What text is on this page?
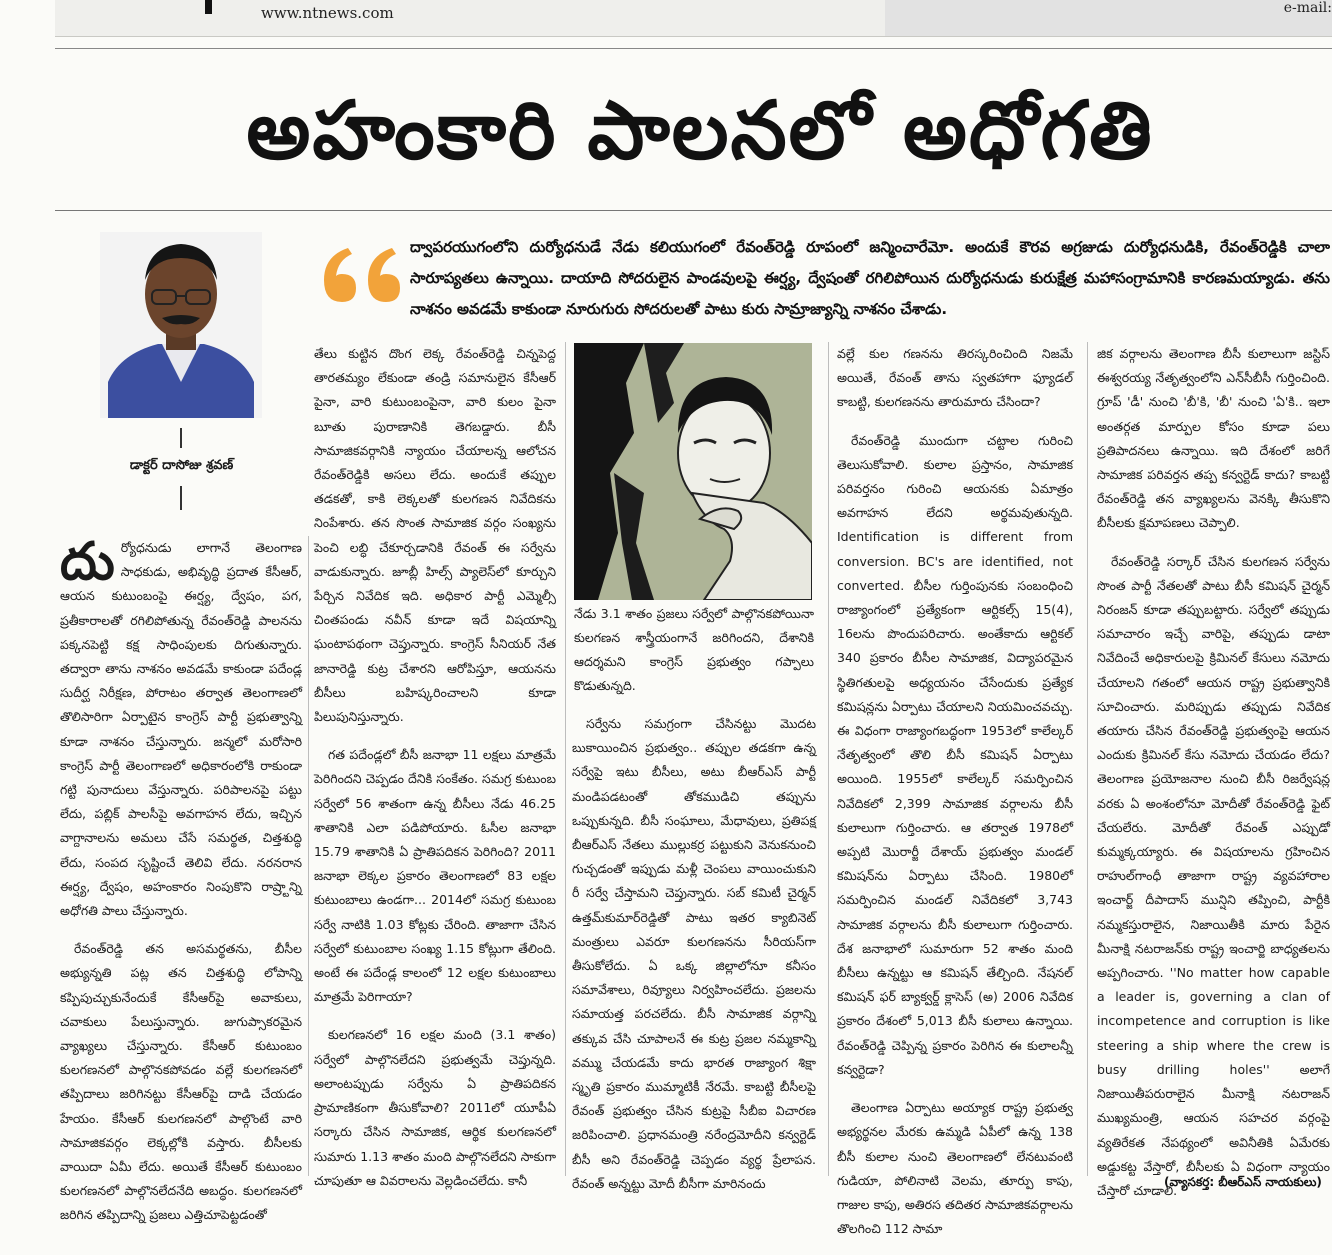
www.ntnews.com	e-mail:
అహంకారి పాలనలో అధోగతి
డాక్టర్ దాసోజు శ్రవణ్
ద్వాపరయుగంలోని దుర్యోధనుడే నేడు కలియుగంలో రేవంత్‌రెడ్డి రూపంలో జన్మించారేమో. అందుకే కౌరవ అగ్రజుడు దుర్యోధనుడికి, రేవంత్‌రెడ్డికి చాలా సారూప్యతలు ఉన్నాయి. దాయాది సోదరులైన పాండవులపై ఈర్ష్య, ద్వేషంతో రగిలిపోయిన దుర్యోధనుడు కురుక్షేత్ర మహాసంగ్రామానికి కారణమయ్యాడు. తను నాశనం అవడమే కాకుండా నూరుగురు సోదరులతో పాటు కురు సామ్రాజ్యాన్ని నాశనం చేశాడు.

దుర్యోధనుడు లాగానే తెలంగాణ సాధకుడు, అభివృద్ధి ప్రదాత కేసీఆర్, ఆయన కుటుంబంపై ఈర్ష్య, ద్వేషం, పగ, ప్రతీకారాలతో రగిలిపోతున్న రేవంత్‌రెడ్డి పాలనను పక్కనపెట్టి కక్ష సాధింపులకు దిగుతున్నారు. తద్వారా తాను నాశనం అవడమే కాకుండా పదేండ్ల సుదీర్ఘ నిరీక్షణ, పోరాటం తర్వాత తెలంగాణలో తొలిసారిగా ఏర్పాటైన కాంగ్రెస్ పార్టీ ప్రభుత్వాన్ని కూడా నాశనం చేస్తున్నారు. జన్మలో మరోసారి కాంగ్రెస్ పార్టీ తెలంగాణలో అధికారంలోకి రాకుండా గట్టి పునాదులు వేస్తున్నారు. పరిపాలనపై పట్టు లేదు, పబ్లిక్ పాలసీపై అవగాహన లేదు, ఇచ్చిన వాగ్దానాలను అమలు చేసే సమర్థత, చిత్తశుద్ధి లేదు, సంపద సృష్టించే తెలివి లేదు. నరనరాన ఈర్ష్య, ద్వేషం, అహంకారం నింపుకొని రాష్ర్టాన్ని అధోగతి పాలు చేస్తున్నారు.

రేవంత్‌రెడ్డి తన అసమర్థతను, బీసీల అభ్యున్నతి పట్ల తన చిత్తశుద్ధి లోపాన్ని కప్పిపుచ్చుకునేందుకే కేసీఆర్‌పై అవాకులు, చవాకులు పేలుస్తున్నారు. జుగుప్సాకరమైన వ్యాఖ్యలు చేస్తున్నారు. కేసీఆర్ కుటుంబం కులగణనలో పాల్గొనకపోవడం వల్లే కులగణనలో తప్పిదాలు జరిగినట్టు కేసీఆర్‌పై దాడి చేయడం హేయం. కేసీఆర్ కులగణనలో పాల్గొంటే వారి సామాజికవర్గం లెక్కల్లోకి వస్తారు. బీసీలకు వాయిదా ఏమీ లేదు. అయితే కేసీఆర్ కుటుంబం కులగణనలో పాల్గొనలేదనేది అబద్ధం. కులగణనలో జరిగిన తప్పిదాన్ని ప్రజలు ఎత్తిచూపెట్టడంతో

తేలు కుట్టిన దొంగ లెక్క రేవంత్‌రెడ్డి చిన్నపెద్ద తారతమ్యం లేకుండా తండ్రి సమానులైన కేసీఆర్ పైనా, వారి కుటుంబంపైనా, వారి కులం పైనా బూతు పురాణానికి తెగబడ్డారు. బీసీ సామాజికవర్గానికి న్యాయం చేయాలన్న ఆలోచన రేవంత్‌రెడ్డికి అసలు లేదు. అందుకే తప్పుల తడకతో, కాకి లెక్కలతో కులగణన నివేదికను నింపేశారు. తన సొంత సామాజిక వర్గం సంఖ్యను పెంచి లబ్ధి చేకూర్చడానికి రేవంత్ ఈ సర్వేను వాడుకున్నారు. జూబ్లీ హిల్స్ ప్యాలెస్‌లో కూర్చుని పేర్చిన నివేదిక ఇది. అధికార పార్టీ ఎమ్మెల్సీ చింతపండు నవీన్ కూడా ఇదే విషయాన్ని ఘంటాపథంగా చెప్తున్నారు. కాంగ్రెస్ సీనియర్ నేత జానారెడ్డి కుట్ర చేశారని ఆరోపిస్తూ, ఆయనను బీసీలు బహిష్కరించాలని కూడా పిలుపునిస్తున్నారు.

గత పదేండ్లలో బీసీ జనాభా 11 లక్షలు మాత్రమే పెరిగిందని చెప్పడం దేనికి సంకేతం. సమగ్ర కుటుంబ సర్వేలో 56 శాతంగా ఉన్న బీసీలు నేడు 46.25 శాతానికి ఎలా పడిపోయారు. ఓసీల జనాభా 15.79 శాతానికి ఏ ప్రాతిపదికన పెరిగింది? 2011 జనాభా లెక్కల ప్రకారం తెలంగాణలో 83 లక్షల కుటుంబాలు ఉండగా... 2014లో సమగ్ర కుటుంబ సర్వే నాటికి 1.03 కోట్లకు చేరింది. తాజాగా చేసిన సర్వేలో కుటుంబాల సంఖ్య 1.15 కోట్లుగా తేలింది. అంటే ఈ పదేండ్ల కాలంలో 12 లక్షల కుటుంబాలు మాత్రమే పెరిగాయా?

కులగణనలో 16 లక్షల మంది (3.1 శాతం) సర్వేలో పాల్గొనలేదని ప్రభుత్వమే చెప్తున్నది. అలాంటప్పుడు సర్వేను ఏ ప్రాతిపదికన ప్రామాణికంగా తీసుకోవాలి? 2011లో యూపీఏ సర్కారు చేసిన సామాజిక, ఆర్థిక కులగణనలో సుమారు 1.13 శాతం మంది పాల్గొనలేదని సాకుగా చూపుతూ ఆ వివరాలను వెల్లడించలేదు. కానీ

నేడు 3.1 శాతం ప్రజలు సర్వేలో పాల్గొనకపోయినా కులగణన శాస్త్రీయంగానే జరిగిందని, దేశానికి ఆదర్శమని కాంగ్రెస్ ప్రభుత్వం గప్పాలు కొడుతున్నది.

సర్వేను సమగ్రంగా చేసినట్టు మొదట బుకాయించిన ప్రభుత్వం.. తప్పుల తడకగా ఉన్న సర్వేపై ఇటు బీసీలు, అటు బీఆర్‌ఎస్ పార్టీ మండిపడటంతో తోకముడిచి తప్పును ఒప్పుకున్నది. బీసీ సంఘాలు, మేధావులు, ప్రతిపక్ష బీఆర్‌ఎస్ నేతలు ముల్లుకర్ర పట్టుకుని వెనుకనుంచి గుచ్చడంతో ఇప్పుడు మళ్లీ చెంపలు వాయించుకుని రీ సర్వే చేస్తామని చెప్తున్నారు. సబ్ కమిటీ చైర్మన్ ఉత్తమ్‌కుమార్‌రెడ్డితో పాటు ఇతర క్యాబినెట్ మంత్రులు ఎవరూ కులగణనను సీరియస్‌గా తీసుకోలేదు. ఏ ఒక్క జిల్లాలోనూ కనీసం సమావేశాలు, రివ్యూలు నిర్వహించలేదు. ప్రజలను సమాయత్త పరచలేదు. బీసీ సామాజిక వర్గాన్ని తక్కువ చేసి చూపాలనే ఈ కుట్ర ప్రజల నమ్మకాన్ని వమ్ము చేయడమే కాదు భారత రాజ్యాంగ శిక్షా స్మృతి ప్రకారం ముమ్మాటికీ నేరమే. కాబట్టి బీసీలపై రేవంత్ ప్రభుత్వం చేసిన కుట్రపై సీబీఐ విచారణ జరిపించాలి. ప్రధానమంత్రి నరేంద్రమోదీని కన్వర్టెడ్ బీసీ అని రేవంత్‌రెడ్డి చెప్పడం వ్యర్థ ప్రేలాపన. రేవంత్ అన్నట్టు మోదీ బీసీగా మారినందు

వల్లే కుల గణనను తిరస్కరించింది నిజమే అయితే, రేవంత్ తాను స్వతహాగా ఫ్యూడల్ కాబట్టి, కులగణనను తారుమారు చేసిందా?

రేవంత్‌రెడ్డి ముందుగా చట్టాల గురించి తెలుసుకోవాలి. కులాల ప్రస్తానం, సామాజిక పరివర్తనం గురించి ఆయనకు ఏమాత్రం అవగాహన లేదని అర్థమవుతున్నది. Identification is different from conversion. BC's are identified, not converted. బీసీల గుర్తింపునకు సంబంధించి రాజ్యాంగంలో ప్రత్యేకంగా ఆర్టికల్స్ 15(4), 16లను పొందుపరిచారు. అంతేకాదు ఆర్టికల్ 340 ప్రకారం బీసీల సామాజిక, విద్యాపరమైన స్థితిగతులపై అధ్యయనం చేసేందుకు ప్రత్యేక కమిషన్లను ఏర్పాటు చేయాలని నియమించవచ్చు. ఈ విధంగా రాజ్యాంగబద్ధంగా 1953లో కాలేల్కర్ నేతృత్వంలో తొలి బీసీ కమిషన్ ఏర్పాటు అయింది. 1955లో కాలేల్కర్ సమర్పించిన నివేదికలో 2,399 సామాజిక వర్గాలను బీసీ కులాలుగా గుర్తించారు. ఆ తర్వాత 1978లో అప్పటి మొరార్జీ దేశాయ్ ప్రభుత్వం మండల్ కమిషన్‌ను ఏర్పాటు చేసింది. 1980లో సమర్పించిన మండల్ నివేదికలో 3,743 సామాజిక వర్గాలను బీసీ కులాలుగా గుర్తించారు. దేశ జనాభాలో సుమారుగా 52 శాతం మంది బీసీలు ఉన్నట్టు ఆ కమిషన్ తేల్చింది. నేషనల్ కమిషన్ ఫర్ బ్యాక్వర్డ్ క్లాసెస్ (అ) 2006 నివేదిక ప్రకారం దేశంలో 5,013 బీసీ కులాలు ఉన్నాయి. రేవంత్‌రెడ్డి చెప్పిన్న ప్రకారం పెరిగిన ఈ కులాలన్నీ కన్వర్టెడా?

తెలంగాణ ఏర్పాటు అయ్యాక రాష్ట్ర ప్రభుత్వ అభ్యర్థనల మేరకు ఉమ్మడి ఏపీలో ఉన్న 138 బీసీ కులాల నుంచి తెలంగాణలో లేనటువంటి గుడియా, పోలినాటి వెలమ, తూర్పు కాపు, గాజుల కాపు, అతిరస తదితర సామాజికవర్గాలను తొలగించి 112 సామా

జిక వర్గాలను తెలంగాణ బీసీ కులాలుగా జస్టిస్ ఈశ్వరయ్య నేతృత్వంలోని ఎన్‌సీబీసీ గుర్తించింది. గ్రూప్ 'డీ' నుంచి 'బీ'కి, 'బీ' నుంచి 'ఏ'కి.. ఇలా అంతర్గత మార్పుల కోసం కూడా పలు ప్రతిపాదనలు ఉన్నాయి. ఇది దేశంలో జరిగే సామాజిక పరివర్తన తప్ప కన్వర్టెడ్ కాదు? కాబట్టి రేవంత్‌రెడ్డి తన వ్యాఖ్యలను వెనక్కి తీసుకొని బీసీలకు క్షమాపణలు చెప్పాలి.

రేవంత్‌రెడ్డి సర్కార్ చేసిన కులగణన సర్వేను సొంత పార్టీ నేతలతో పాటు బీసీ కమిషన్ చైర్మన్ నిరంజన్ కూడా తప్పుబట్టారు. సర్వేలో తప్పుడు సమాచారం ఇచ్చే వారిపై, తప్పుడు డాటా నివేదించే అధికారులపై క్రిమినల్ కేసులు నమోదు చేయాలని గతంలో ఆయన రాష్ట్ర ప్రభుత్వానికి సూచించారు. మరిప్పుడు తప్పుడు నివేదిక తయారు చేసిన రేవంత్‌రెడ్డి ప్రభుత్వంపై ఆయన ఎందుకు క్రిమినల్ కేసు నమోదు చేయడం లేదు? తెలంగాణ ప్రయోజనాల నుంచి బీసీ రిజర్వేషన్ల వరకు ఏ అంశంలోనూ మోదీతో రేవంత్‌రెడ్డి ఫైట్ చేయలేరు. మోదీతో రేవంత్ ఎప్పుడో కుమ్మక్కయ్యారు. ఈ విషయాలను గ్రహించిన రాహుల్‌గాంధీ తాజాగా రాష్ట్ర వ్యవహారాల ఇంచార్జ్ దీపాదాస్ మున్షిని తప్పించి, పార్టీకి నమ్మకస్తురాలైన, నిజాయితీకి మారు పేరైన మీనాక్షి నటరాజన్‌కు రాష్ట్ర ఇంచార్జి బాధ్యతలను అప్పగించారు. ''No matter how capable a leader is, governing a clan of incompetence and corruption is like steering a ship where the crew is busy drilling holes'' అలాగే నిజాయితీపరురాలైన మీనాక్షి నటరాజన్ ముఖ్యమంత్రి, ఆయన సహచర వర్గంపై వ్యతిరేకత నేపథ్యంలో అవినీతికి ఏమేరకు అడ్డుకట్ట వేస్తారో, బీసీలకు ఏ విధంగా న్యాయం చేస్తారో చూడాలి.

(వ్యాసకర్త: బీఆర్‌ఎస్ నాయకులు)
